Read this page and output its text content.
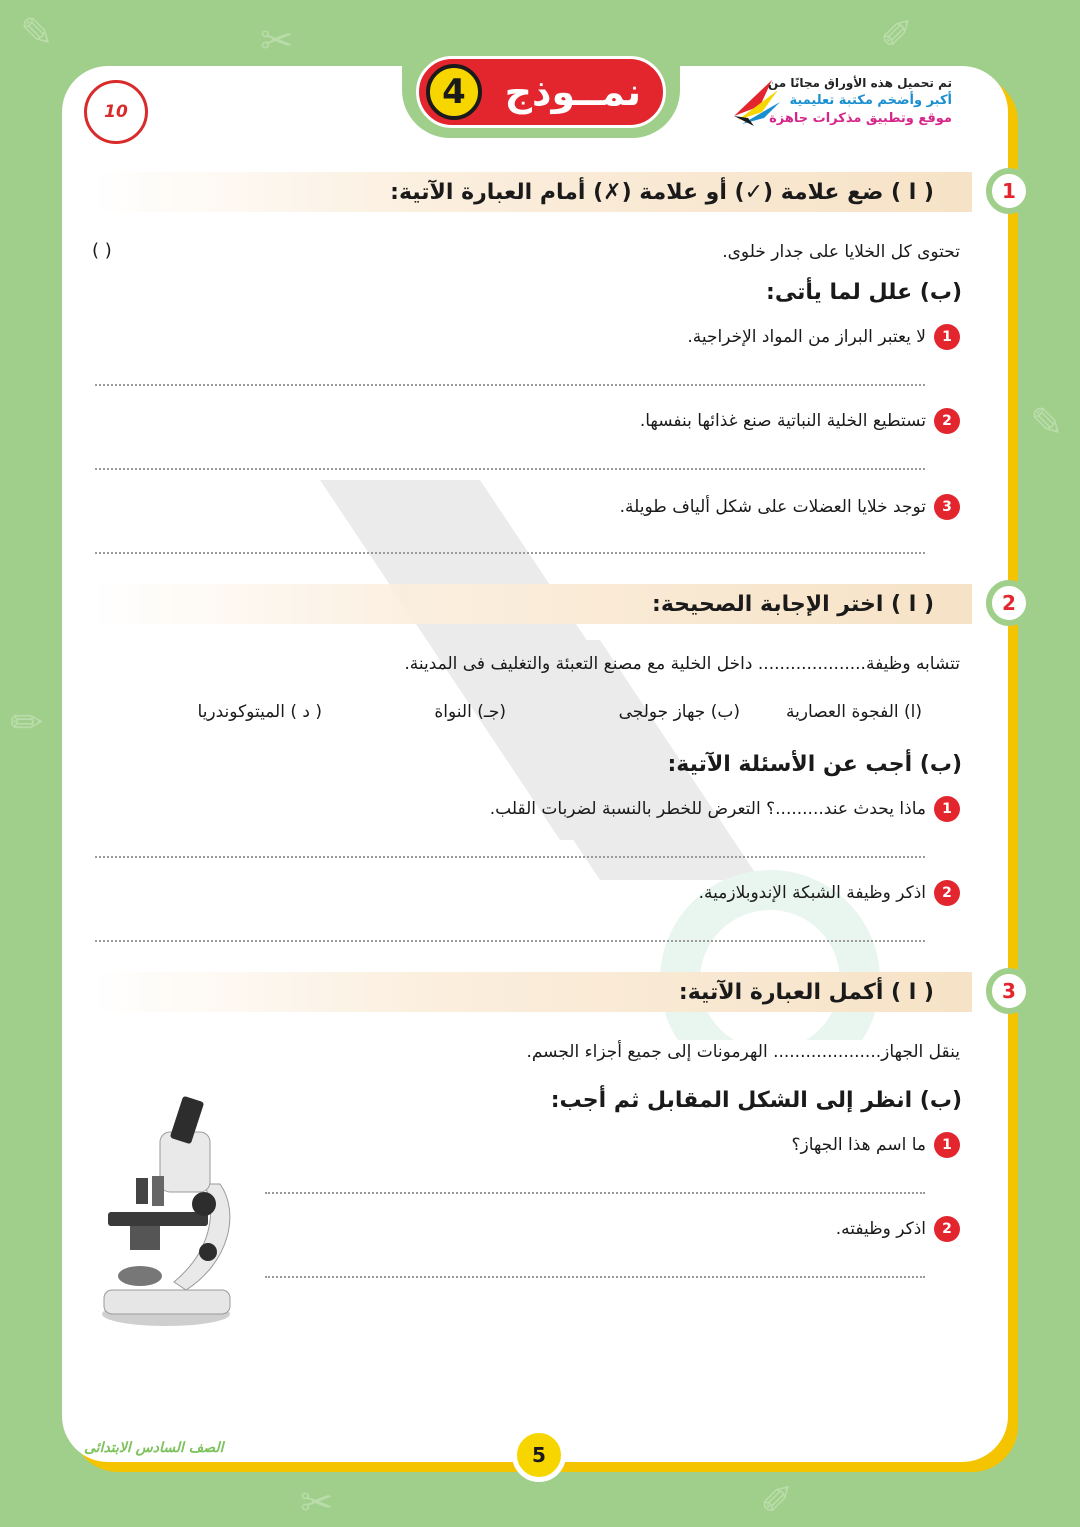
✎	✂	✐
✏
✎
✂	✐
10	نمــوذج
4	تم تحميل هذه الأوراق مجانًا من
أكبر وأضخم مكتبة تعليمية
موقع وتطبيق مذكرات جاهزة
( ا ) ضع علامة (✓) أو علامة (✗) أمام العبارة الآتية:	1
تحتوى كل الخلايا على جدار خلوى.
( )
(ب) علل لما يأتى:
1لا يعتبر البراز من المواد الإخراجية.
2تستطيع الخلية النباتية صنع غذائها بنفسها.
3توجد خلايا العضلات على شكل ألياف طويلة.
( ا ) اختر الإجابة الصحيحة:	2
تتشابه وظيفة.................... داخل الخلية مع مصنع التعبئة والتغليف فى المدينة.
(ا) الفجوة العصارية
(ب) جهاز جولجى
(جـ) النواة
( د ) الميتوكوندريا
(ب) أجب عن الأسئلة الآتية:
1ماذا يحدث عند.........؟ التعرض للخطر بالنسبة لضربات القلب.
2اذكر وظيفة الشبكة الإندوبلازمية.
( ا ) أكمل العبارة الآتية:	3
ينقل الجهاز.................... الهرمونات إلى جميع أجزاء الجسم.
(ب) انظر إلى الشكل المقابل ثم أجب:
1ما اسم هذا الجهاز؟
2اذكر وظيفته.
الصف السادس الابتدائى	5
